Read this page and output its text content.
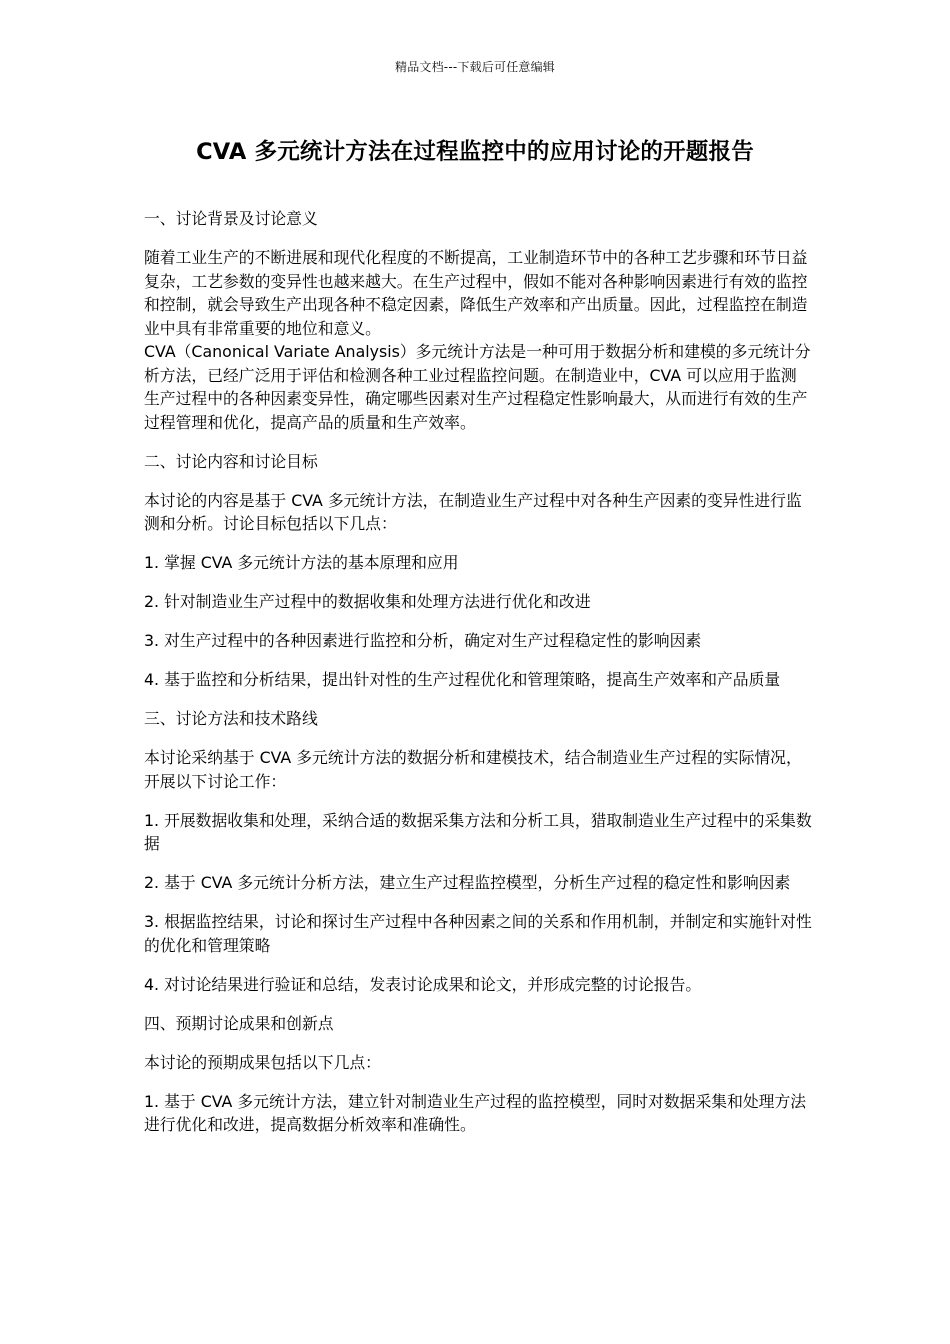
精品文档---下载后可任意编辑
CVA 多元统计方法在过程监控中的应用讨论的开题报告
一、讨论背景及讨论意义

随着工业生产的不断进展和现代化程度的不断提高，工业制造环节中的各种工艺步骤和环节日益复杂，工艺参数的变异性也越来越大。在生产过程中，假如不能对各种影响因素进行有效的监控和控制，就会导致生产出现各种不稳定因素，降低生产效率和产出质量。因此，过程监控在制造业中具有非常重要的地位和意义。

CVA（Canonical Variate Analysis）多元统计方法是一种可用于数据分析和建模的多元统计分析方法，已经广泛用于评估和检测各种工业过程监控问题。在制造业中，CVA 可以应用于监测生产过程中的各种因素变异性，确定哪些因素对生产过程稳定性影响最大，从而进行有效的生产过程管理和优化，提高产品的质量和生产效率。

二、讨论内容和讨论目标

本讨论的内容是基于 CVA 多元统计方法，在制造业生产过程中对各种生产因素的变异性进行监测和分析。讨论目标包括以下几点：

1. 掌握 CVA 多元统计方法的基本原理和应用

2. 针对制造业生产过程中的数据收集和处理方法进行优化和改进

3. 对生产过程中的各种因素进行监控和分析，确定对生产过程稳定性的影响因素

4. 基于监控和分析结果，提出针对性的生产过程优化和管理策略，提高生产效率和产品质量

三、讨论方法和技术路线

本讨论采纳基于 CVA 多元统计方法的数据分析和建模技术，结合制造业生产过程的实际情况，开展以下讨论工作：

1. 开展数据收集和处理，采纳合适的数据采集方法和分析工具，猎取制造业生产过程中的采集数据

2. 基于 CVA 多元统计分析方法，建立生产过程监控模型，分析生产过程的稳定性和影响因素

3. 根据监控结果，讨论和探讨生产过程中各种因素之间的关系和作用机制，并制定和实施针对性的优化和管理策略

4. 对讨论结果进行验证和总结，发表讨论成果和论文，并形成完整的讨论报告。

四、预期讨论成果和创新点

本讨论的预期成果包括以下几点：

1. 基于 CVA 多元统计方法，建立针对制造业生产过程的监控模型，同时对数据采集和处理方法进行优化和改进，提高数据分析效率和准确性。
